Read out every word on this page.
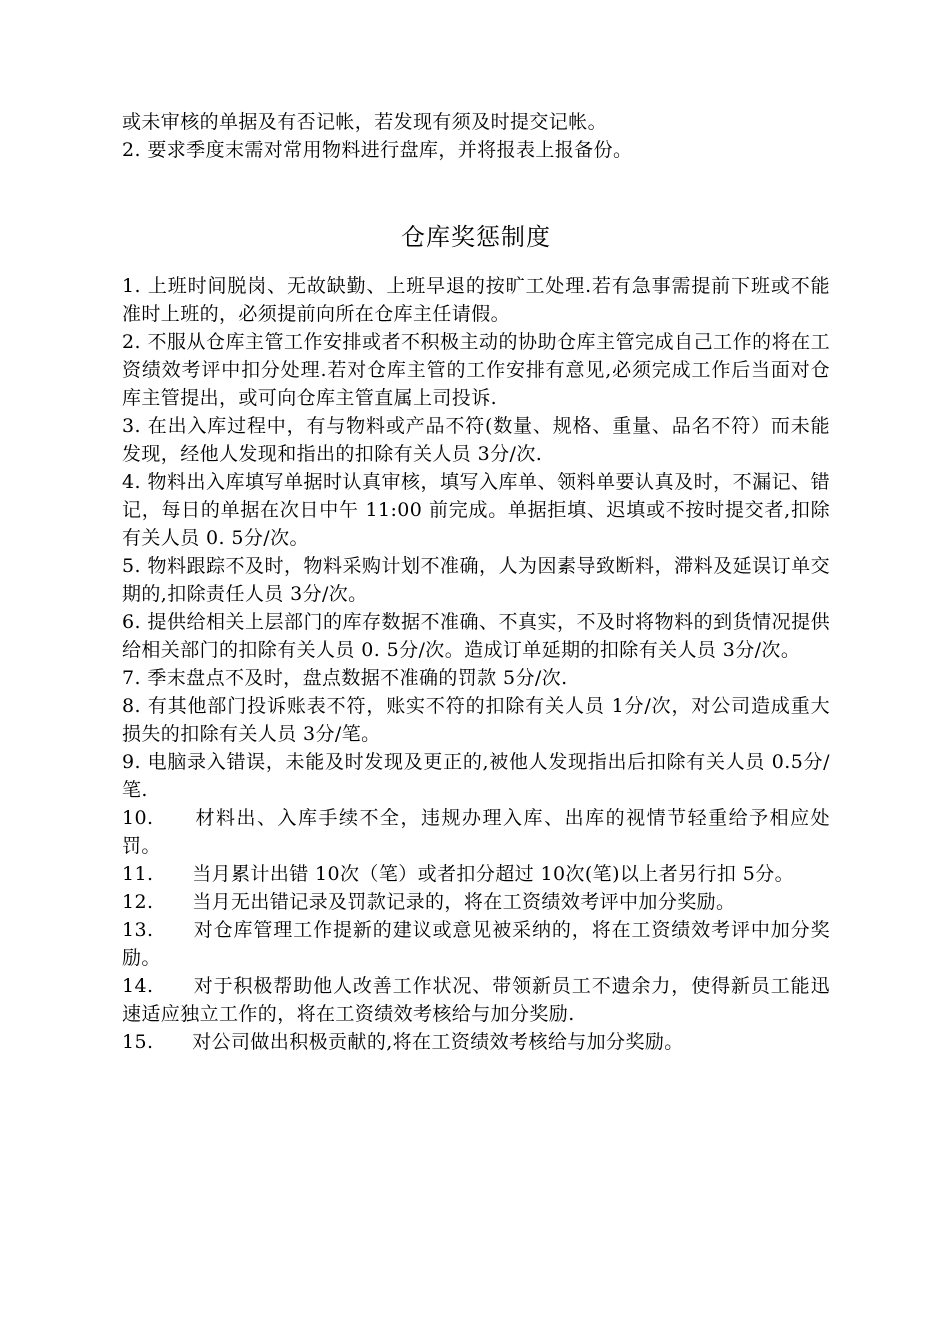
或未审核的单据及有否记帐，若发现有须及时提交记帐。

2. 要求季度末需对常用物料进行盘库，并将报表上报备份。

仓库奖惩制度
1. 上班时间脱岗、无故缺勤、上班早退的按旷工处理.若有急事需提前下班或不能准时上班的，必须提前向所在仓库主任请假。
2. 不服从仓库主管工作安排或者不积极主动的协助仓库主管完成自己工作的将在工资绩效考评中扣分处理.若对仓库主管的工作安排有意见,必须完成工作后当面对仓库主管提出，或可向仓库主管直属上司投诉.
3. 在出入库过程中，有与物料或产品不符(数量、规格、重量、品名不符）而未能发现，经他人发现和指出的扣除有关人员 3分/次.
4. 物料出入库填写单据时认真审核，填写入库单、领料单要认真及时，不漏记、错记，每日的单据在次日中午 11:00 前完成。单据拒填、迟填或不按时提交者,扣除有关人员 0. 5分/次。
5. 物料跟踪不及时，物料采购计划不准确，人为因素导致断料，滞料及延误订单交期的,扣除责任人员 3分/次。
6. 提供给相关上层部门的库存数据不准确、不真实，不及时将物料的到货情况提供给相关部门的扣除有关人员 0. 5分/次。造成订单延期的扣除有关人员 3分/次。
7. 季末盘点不及时，盘点数据不准确的罚款 5分/次.
8. 有其他部门投诉账表不符，账实不符的扣除有关人员 1分/次，对公司造成重大损失的扣除有关人员 3分/笔。
9. 电脑录入错误，未能及时发现及更正的,被他人发现指出后扣除有关人员 0.5分/笔.
10.　　材料出、入库手续不全，违规办理入库、出库的视情节轻重给予相应处罚。
11.　　当月累计出错 10次（笔）或者扣分超过 10次(笔)以上者另行扣 5分。
12.　　当月无出错记录及罚款记录的，将在工资绩效考评中加分奖励。
13.　　对仓库管理工作提新的建议或意见被采纳的，将在工资绩效考评中加分奖励。
14.　　对于积极帮助他人改善工作状况、带领新员工不遗余力，使得新员工能迅速适应独立工作的，将在工资绩效考核给与加分奖励.
15.　　对公司做出积极贡献的,将在工资绩效考核给与加分奖励。
